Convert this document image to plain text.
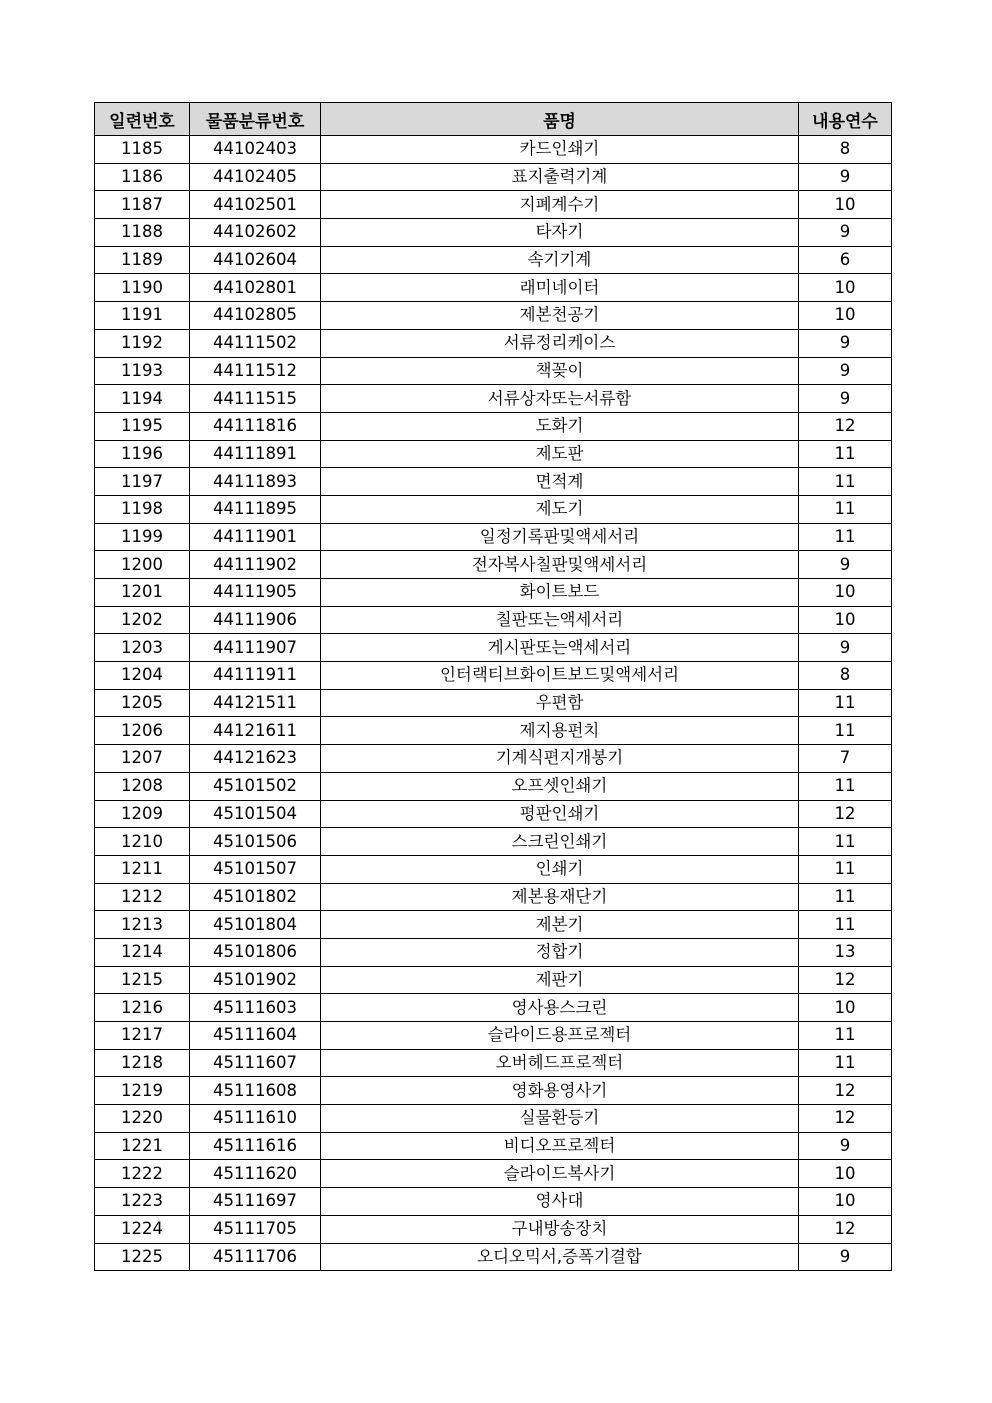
일련번호	물품분류번호	품명	내용연수
1185	44102403	카드인쇄기	8
1186	44102405	표지출력기계	9
1187	44102501	지폐계수기	10
1188	44102602	타자기	9
1189	44102604	속기기계	6
1190	44102801	래미네이터	10
1191	44102805	제본천공기	10
1192	44111502	서류정리케이스	9
1193	44111512	책꽂이	9
1194	44111515	서류상자또는서류함	9
1195	44111816	도화기	12
1196	44111891	제도판	11
1197	44111893	면적계	11
1198	44111895	제도기	11
1199	44111901	일정기록판및액세서리	11
1200	44111902	전자복사칠판및액세서리	9
1201	44111905	화이트보드	10
1202	44111906	칠판또는액세서리	10
1203	44111907	게시판또는액세서리	9
1204	44111911	인터랙티브화이트보드및액세서리	8
1205	44121511	우편함	11
1206	44121611	제지용펀치	11
1207	44121623	기계식편지개봉기	7
1208	45101502	오프셋인쇄기	11
1209	45101504	평판인쇄기	12
1210	45101506	스크린인쇄기	11
1211	45101507	인쇄기	11
1212	45101802	제본용재단기	11
1213	45101804	제본기	11
1214	45101806	정합기	13
1215	45101902	제판기	12
1216	45111603	영사용스크린	10
1217	45111604	슬라이드용프로젝터	11
1218	45111607	오버헤드프로젝터	11
1219	45111608	영화용영사기	12
1220	45111610	실물환등기	12
1221	45111616	비디오프로젝터	9
1222	45111620	슬라이드복사기	10
1223	45111697	영사대	10
1224	45111705	구내방송장치	12
1225	45111706	오디오믹서,증폭기결합	9
